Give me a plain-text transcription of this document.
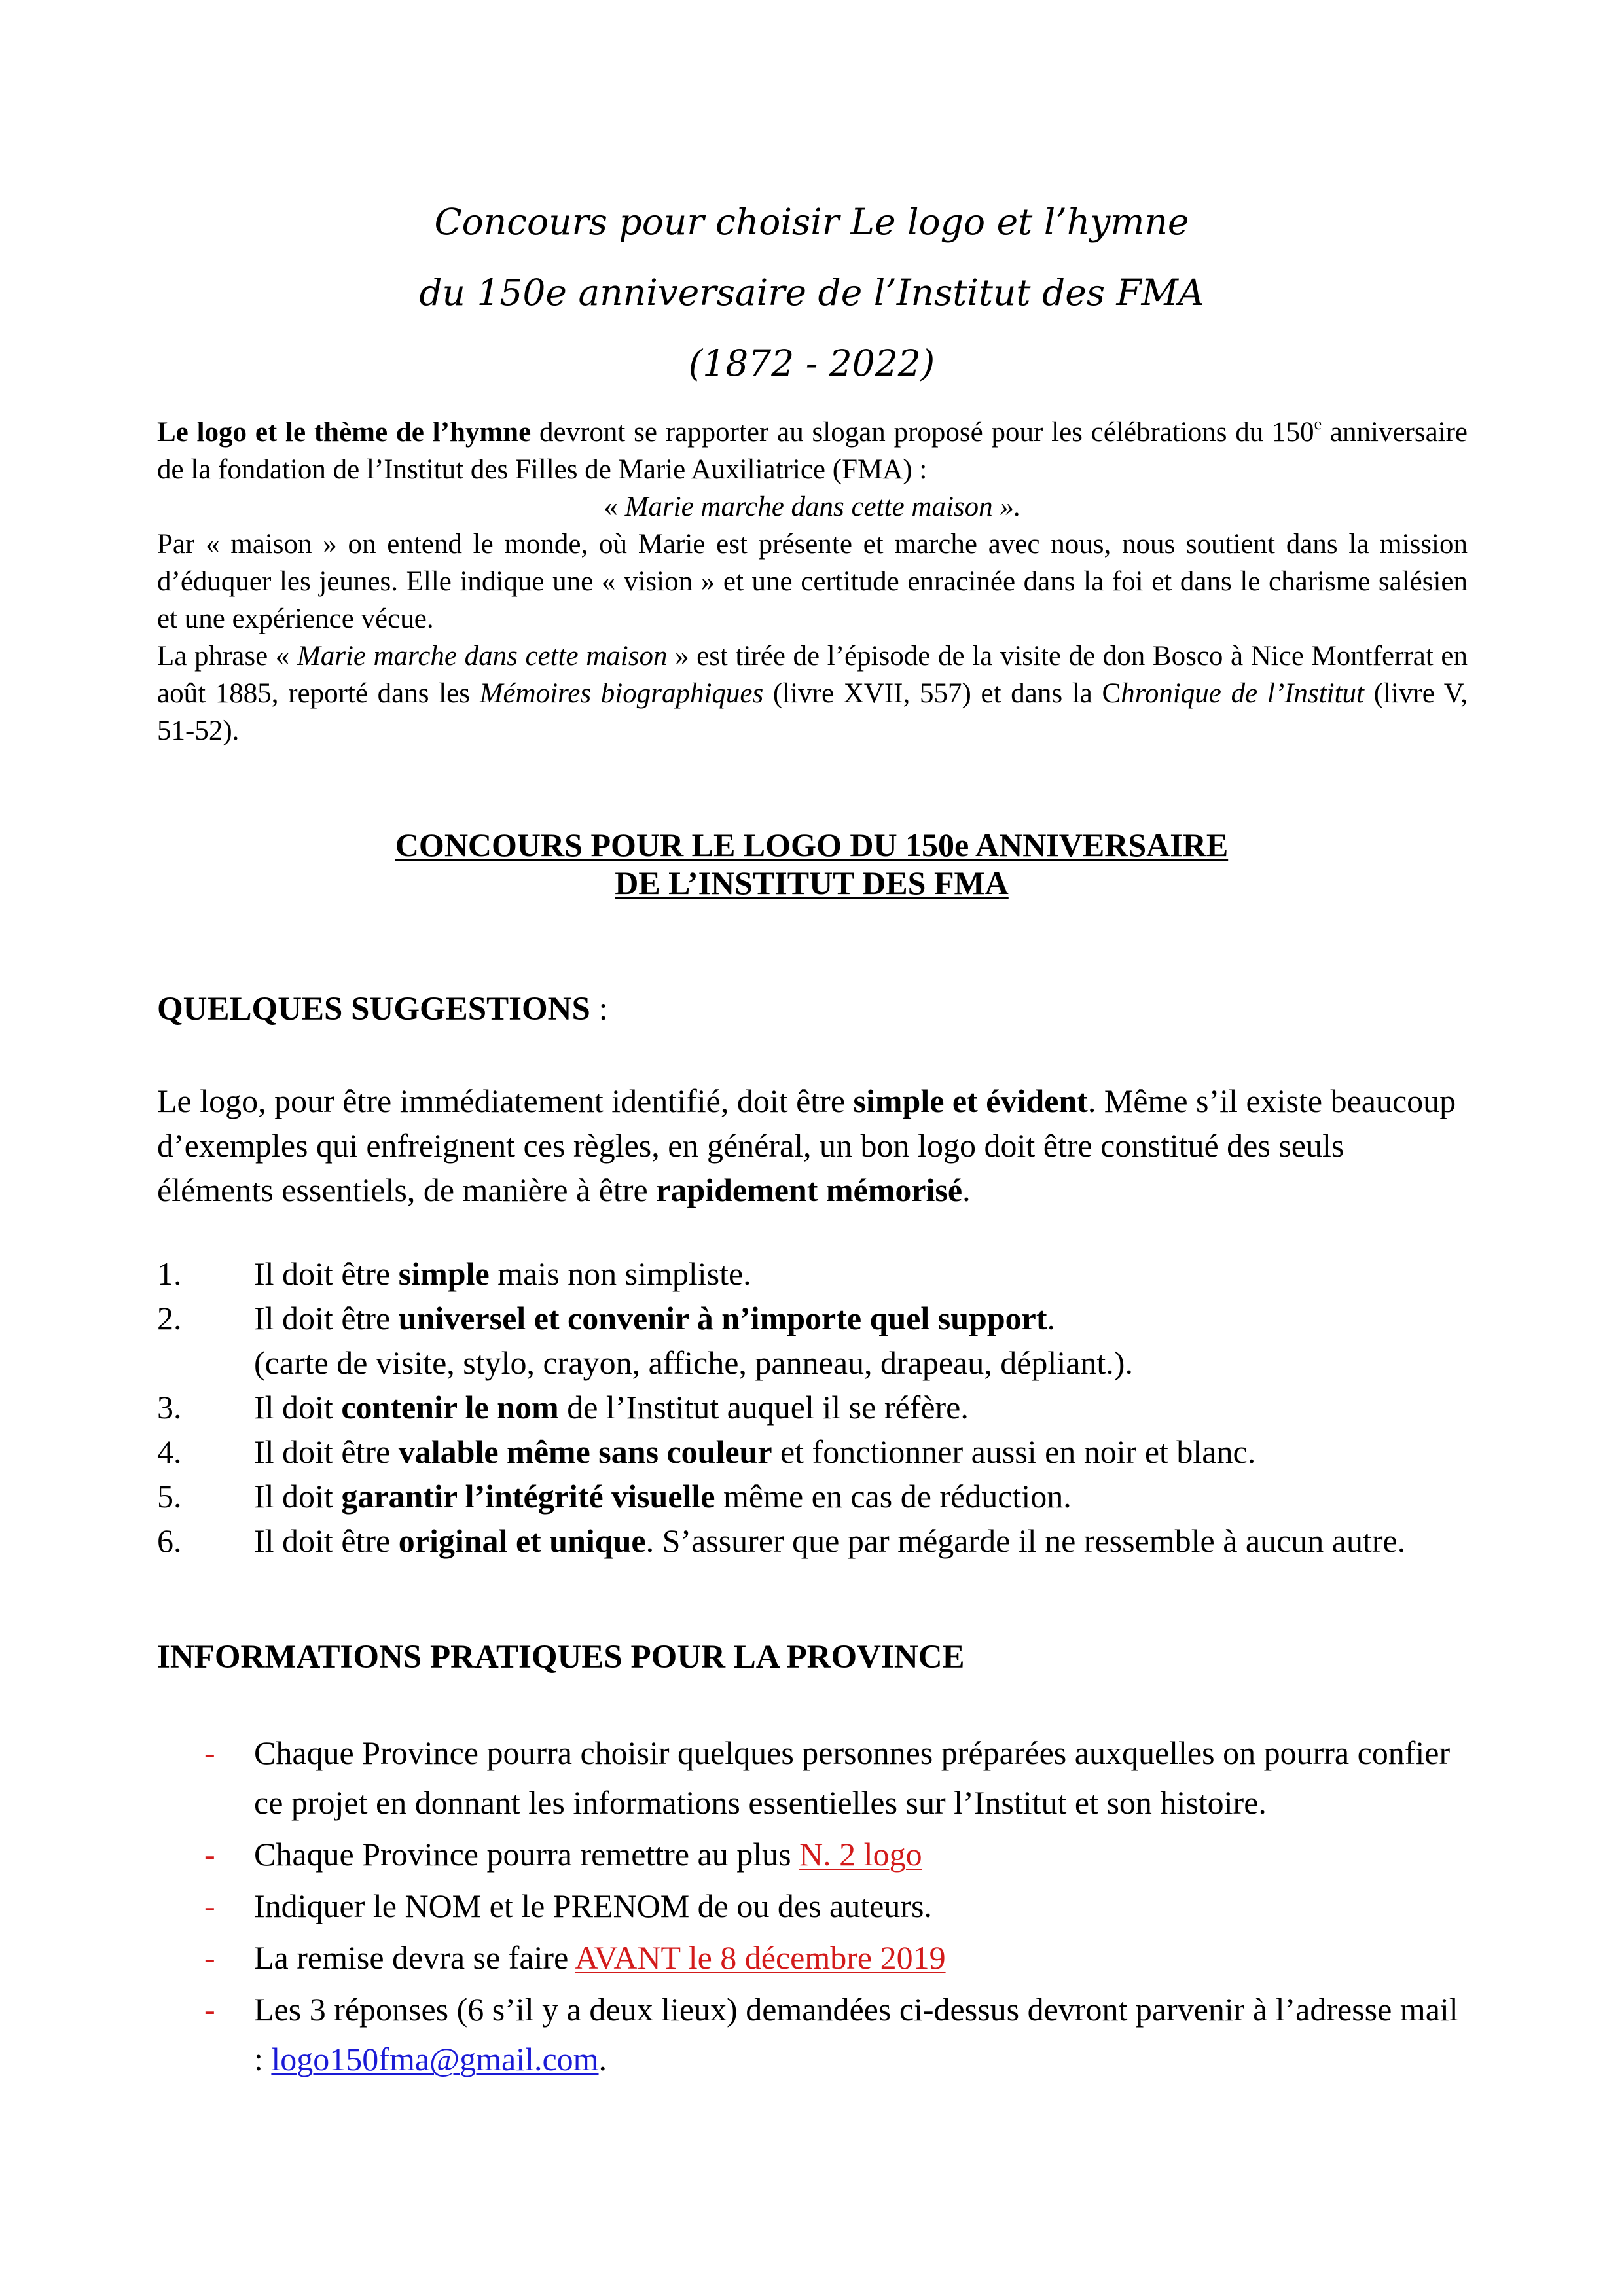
Concours pour choisir Le logo et l’hymne
du 150e anniversaire de l’Institut des FMA
(1872 - 2022)

Le logo et le thème de l’hymne devront se rapporter au slogan proposé pour les célébrations du 150e anniversaire de la fondation de l’Institut des Filles de Marie Auxiliatrice (FMA) :

« Marie marche dans cette maison ».

Par « maison » on entend le monde, où Marie est présente et marche avec nous, nous soutient dans la mission d’éduquer les jeunes. Elle indique une « vision » et une certitude enracinée dans la foi et dans le charisme salésien et une expérience vécue.

La phrase « Marie marche dans cette maison » est tirée de l’épisode de la visite de don Bosco à Nice Montferrat en août 1885, reporté dans les Mémoires biographiques (livre XVII, 557) et dans la Chronique de l’Institut (livre V, 51-52).

CONCOURS POUR LE LOGO DU 150e ANNIVERSAIRE
DE L’INSTITUT DES FMA
QUELQUES SUGGESTIONS :

Le logo, pour être immédiatement identifié, doit être simple et évident. Même s’il existe beaucoup d’exemples qui enfreignent ces règles, en général, un bon logo doit être constitué des seuls éléments essentiels, de manière à être rapidement mémorisé.

1. Il doit être simple mais non simpliste.
2. Il doit être universel et convenir à n’importe quel support.
(carte de visite, stylo, crayon, affiche, panneau, drapeau, dépliant.).
3. Il doit contenir le nom de l’Institut auquel il se réfère.
4. Il doit être valable même sans couleur et fonctionner aussi en noir et blanc.
5. Il doit garantir l’intégrité visuelle même en cas de réduction.
6. Il doit être original et unique. S’assurer que par mégarde il ne ressemble à aucun autre.
INFORMATIONS PRATIQUES POUR LA PROVINCE
- Chaque Province pourra choisir quelques personnes préparées auxquelles on pourra confier ce projet en donnant les informations essentielles sur l’Institut et son histoire.
- Chaque Province pourra remettre au plus N. 2 logo
- Indiquer le NOM et le PRENOM de ou des auteurs.
- La remise devra se faire AVANT le 8 décembre 2019
- Les 3 réponses (6 s’il y a deux lieux) demandées ci-dessus devront parvenir à l’adresse mail : logo150fma@gmail.com.
